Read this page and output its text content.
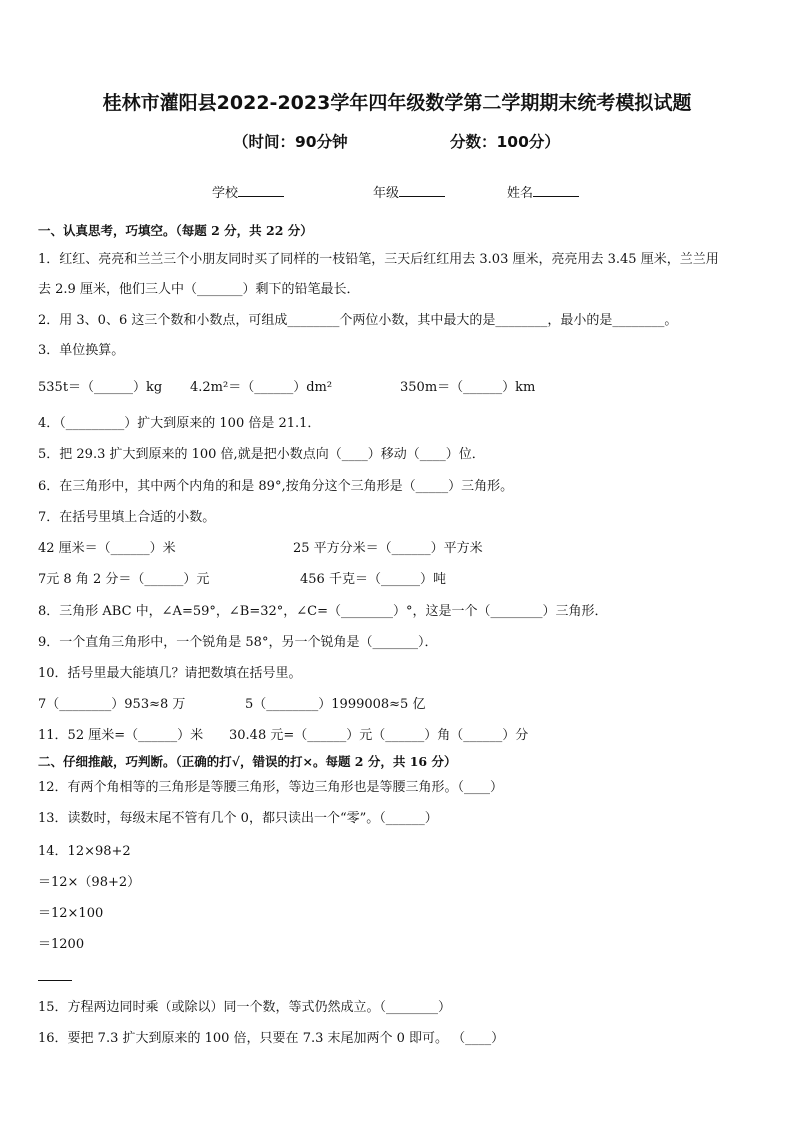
桂林市灌阳县2022-2023学年四年级数学第二学期期末统考模拟试题
（时间：90分钟	分数：100分）
学校	年级	姓名
一、认真思考，巧填空。（每题 2 分，共 22 分）
1．红红、亮亮和兰兰三个小朋友同时买了同样的一枝铅笔，三天后红红用去 3.03 厘米，亮亮用去 3.45 厘米，兰兰用
去 2.9 厘米，他们三人中（_______）剩下的铅笔最长．
2．用 3、0、6 这三个数和小数点，可组成________个两位小数，其中最大的是________，最小的是________。
3．单位换算。
535t＝（______）kg 4.2m²＝（______）dm²	350m＝（______）km
4．（_________）扩大到原来的 100 倍是 21.1．
5．把 29.3 扩大到原来的 100 倍,就是把小数点向（____）移动（____）位．
6．在三角形中，其中两个内角的和是 89°,按角分这个三角形是（_____）三角形。
7．在括号里填上合适的小数。
42 厘米＝（______）米	25 平方分米＝（______）平方米
7元 8 角 2 分＝（______）元	456 千克＝（______）吨
8．三角形 ABC 中，∠A=59°，∠B=32°，∠C=（________）°，这是一个（________）三角形．
9．一个直角三角形中，一个锐角是 58°，另一个锐角是（_______）．
10．括号里最大能填几？请把数填在括号里。
7（________）953≈8 万	5（________）1999008≈5 亿
11．52 厘米=（______）米 30.48 元=（______）元（______）角（______）分
二、仔细推敲，巧判断。（正确的打√，错误的打×。每题 2 分，共 16 分）
12．有两个角相等的三角形是等腰三角形，等边三角形也是等腰三角形。（____）
13．读数时，每级末尾不管有几个 0，都只读出一个“零”。（______）
14．12×98+2
＝12×（98+2）
＝12×100
＝1200
15．方程两边同时乘（或除以）同一个数，等式仍然成立。（________）
16．要把 7.3 扩大到原来的 100 倍，只要在 7.3 末尾加两个 0 即可。 （____）
